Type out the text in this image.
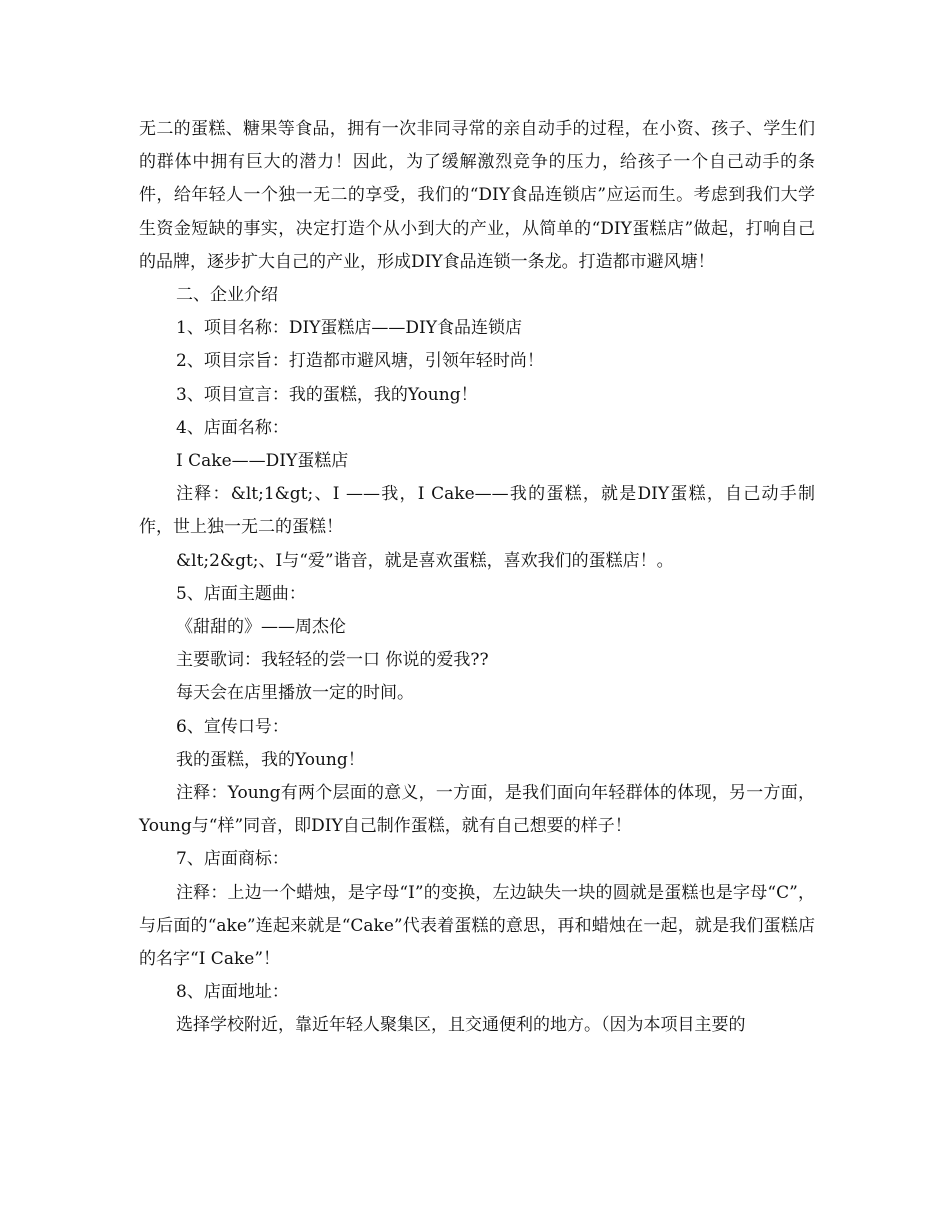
无二的蛋糕、糖果等食品，拥有一次非同寻常的亲自动手的过程，在小资、孩子、学生们的群体中拥有巨大的潜力！因此，为了缓解激烈竞争的压力，给孩子一个自己动手的条件，给年轻人一个独一无二的享受，我们的“DIY食品连锁店”应运而生。考虑到我们大学生资金短缺的事实，决定打造个从小到大的产业，从简单的“DIY蛋糕店”做起，打响自己的品牌，逐步扩大自己的产业，形成DIY食品连锁一条龙。打造都市避风塘！

二、企业介绍

1、项目名称：DIY蛋糕店——DIY食品连锁店

2、项目宗旨：打造都市避风塘，引领年轻时尚！

3、项目宣言：我的蛋糕，我的Young！

4、店面名称：

I Cake——DIY蛋糕店

注释：&lt;1&gt;、I ——我，I Cake——我的蛋糕，就是DIY蛋糕，自己动手制作，世上独一无二的蛋糕！

&lt;2&gt;、I与“爱”谐音，就是喜欢蛋糕，喜欢我们的蛋糕店！。

5、店面主题曲：

《甜甜的》——周杰伦

主要歌词：我轻轻的尝一口 你说的爱我??

每天会在店里播放一定的时间。

6、宣传口号：

我的蛋糕，我的Young！

注释：Young有两个层面的意义，一方面，是我们面向年轻群体的体现，另一方面，Young与“样”同音，即DIY自己制作蛋糕，就有自己想要的样子！

7、店面商标：

注释：上边一个蜡烛，是字母“I”的变换，左边缺失一块的圆就是蛋糕也是字母“C”，与后面的“ake”连起来就是“Cake”代表着蛋糕的意思，再和蜡烛在一起，就是我们蛋糕店的名字“I Cake”！

8、店面地址：

选择学校附近，靠近年轻人聚集区，且交通便利的地方。（因为本项目主要的
